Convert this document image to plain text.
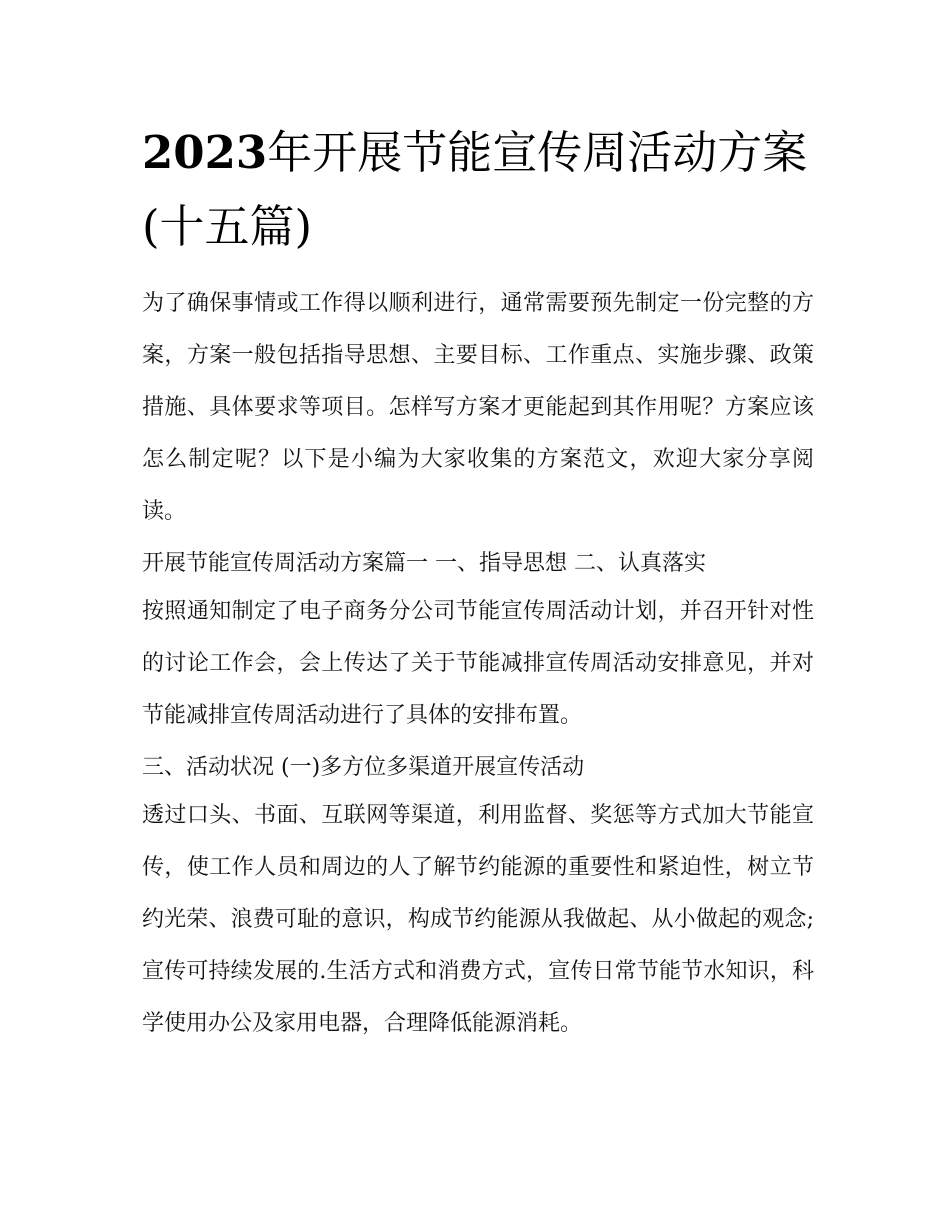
2023年开展节能宣传周活动方案(十五篇)

为了确保事情或工作得以顺利进行，通常需要预先制定一份完整的方案，方案一般包括指导思想、主要目标、工作重点、实施步骤、政策措施、具体要求等项目。怎样写方案才更能起到其作用呢？方案应该怎么制定呢？以下是小编为大家收集的方案范文，欢迎大家分享阅读。

开展节能宣传周活动方案篇一 一、指导思想 二、认真落实

按照通知制定了电子商务分公司节能宣传周活动计划，并召开针对性的讨论工作会，会上传达了关于节能减排宣传周活动安排意见，并对节能减排宣传周活动进行了具体的安排布置。

三、活动状况 (一)多方位多渠道开展宣传活动

透过口头、书面、互联网等渠道，利用监督、奖惩等方式加大节能宣传，使工作人员和周边的人了解节约能源的重要性和紧迫性，树立节约光荣、浪费可耻的意识，构成节约能源从我做起、从小做起的观念;宣传可持续发展的.生活方式和消费方式，宣传日常节能节水知识，科学使用办公及家用电器，合理降低能源消耗。
